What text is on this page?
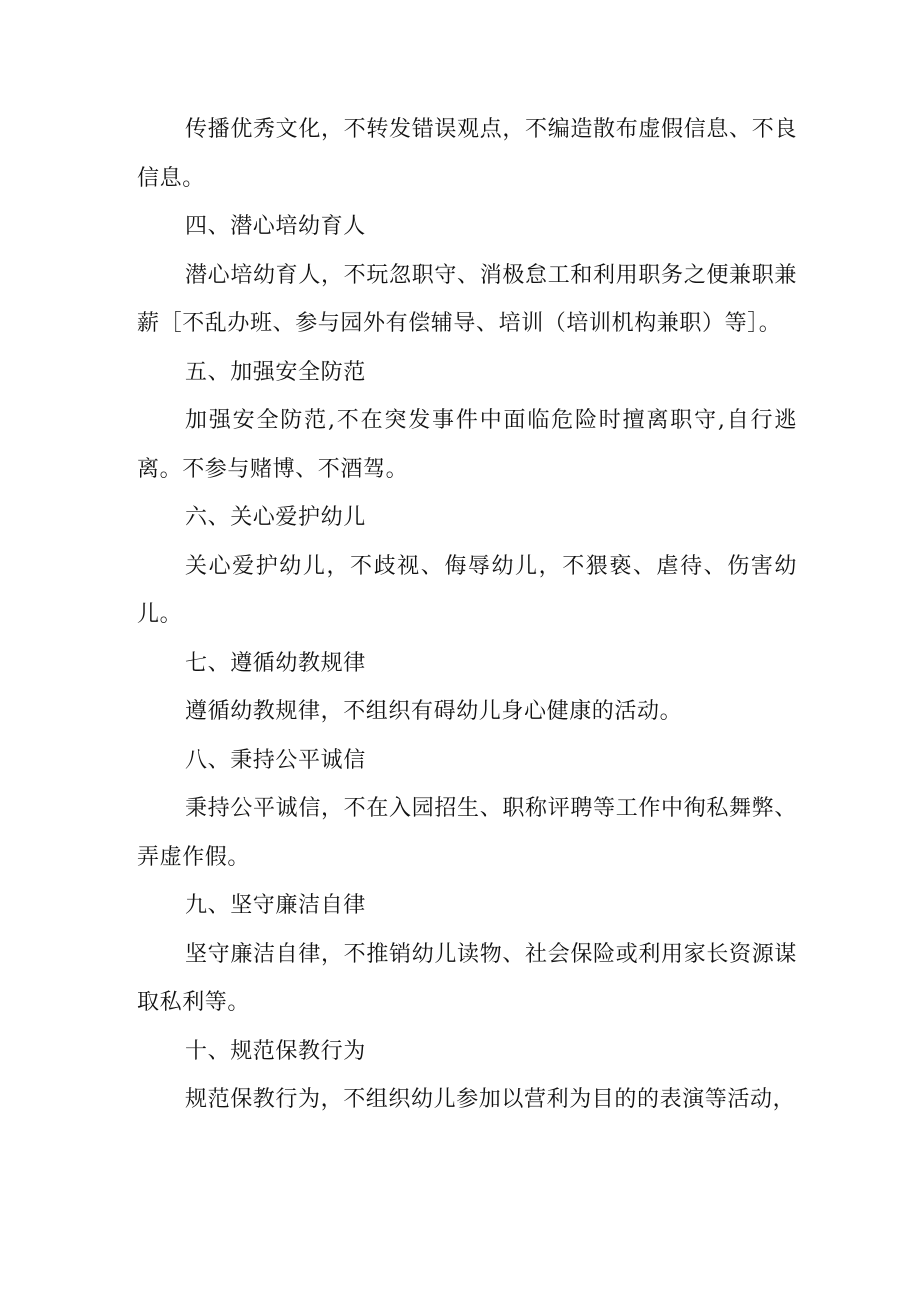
传播优秀文化，不转发错误观点，不编造散布虚假信息、不良信息。

四、潜心培幼育人

潜心培幼育人，不玩忽职守、消极怠工和利用职务之便兼职兼薪［不乱办班、参与园外有偿辅导、培训（培训机构兼职）等］。

五、加强安全防范

加强安全防范,不在突发事件中面临危险时擅离职守,自行逃离。不参与赌博、不酒驾。

六、关心爱护幼儿

关心爱护幼儿，不歧视、侮辱幼儿，不猥亵、虐待、伤害幼儿。

七、遵循幼教规律

遵循幼教规律，不组织有碍幼儿身心健康的活动。

八、秉持公平诚信

秉持公平诚信，不在入园招生、职称评聘等工作中徇私舞弊、弄虚作假。

九、坚守廉洁自律

坚守廉洁自律，不推销幼儿读物、社会保险或利用家长资源谋取私利等。

十、规范保教行为

规范保教行为，不组织幼儿参加以营利为目的的表演等活动，
